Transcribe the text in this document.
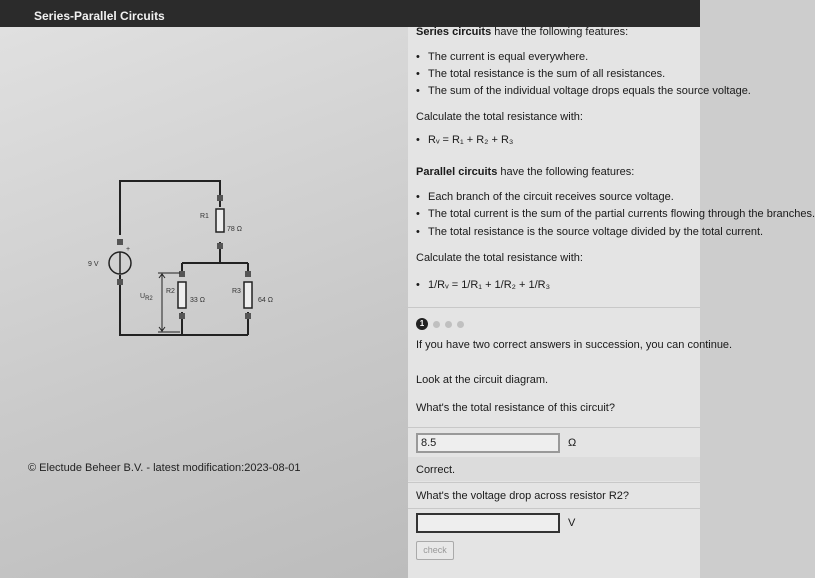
Series-Parallel Circuits
9 V
+
R1
78 Ω
R2
33 Ω
R3
64 Ω
UR2
© Electude Beheer B.V. - latest modification:2023-08-01
Series circuits have the following features:
• The current is equal everywhere.
• The total resistance is the sum of all resistances.
• The sum of the individual voltage drops equals the source voltage.
Calculate the total resistance with:
• Rᵥ = R₁ + R₂ + R₃
Parallel circuits have the following features:
• Each branch of the circuit receives source voltage.
• The total current is the sum of the partial currents flowing through the branches.
• The total resistance is the source voltage divided by the total current.
Calculate the total resistance with:
• 1/Rᵥ = 1/R₁ + 1/R₂ + 1/R₃
1
If you have two correct answers in succession, you can continue.
Look at the circuit diagram.
What's the total resistance of this circuit?
8.5	Ω
Correct.
What's the voltage drop across resistor R2?
V
check
